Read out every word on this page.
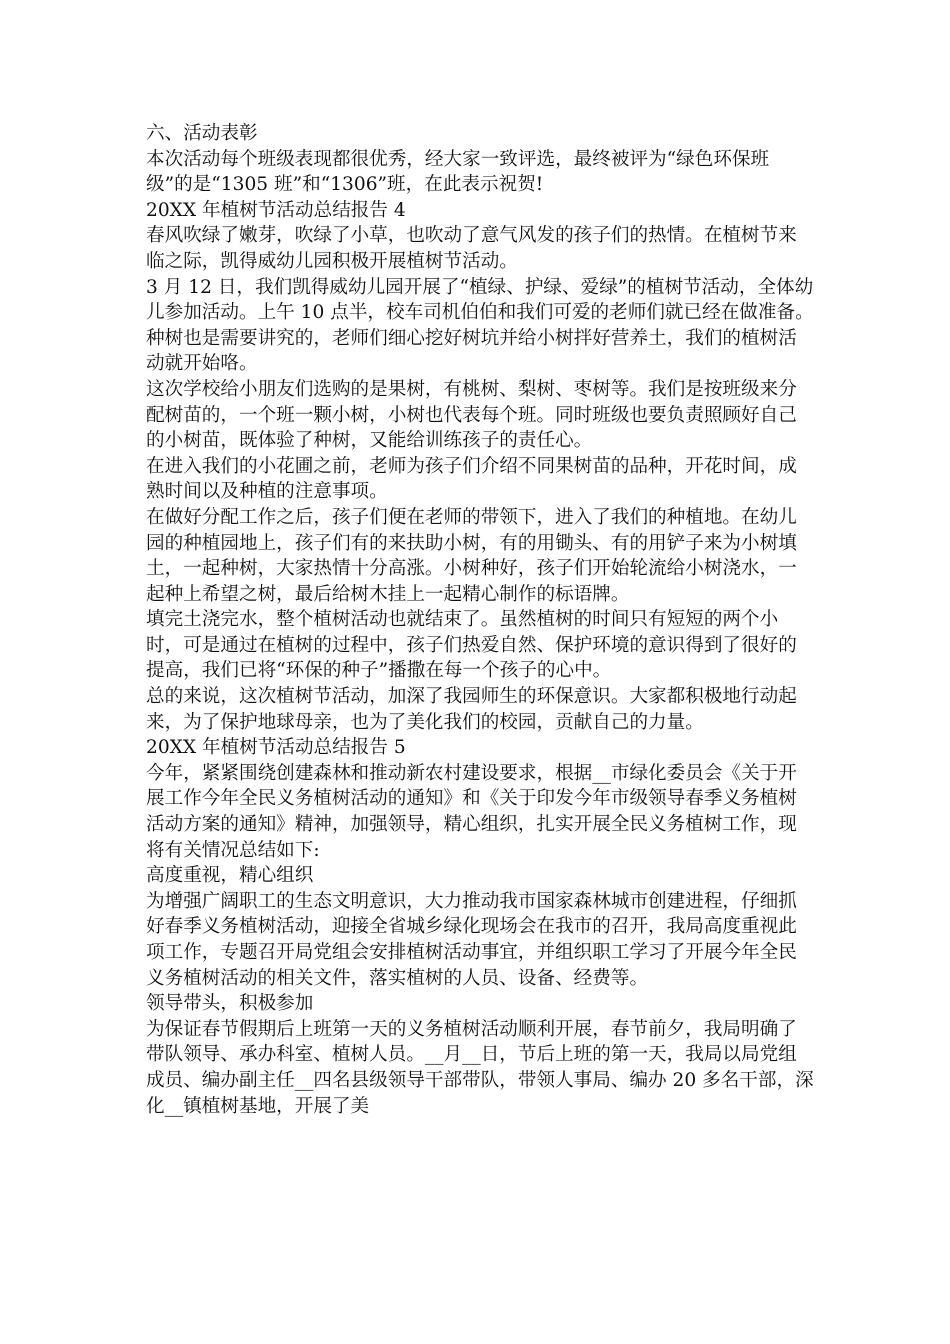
六、活动表彰

本次活动每个班级表现都很优秀，经大家一致评选，最终被评为“绿色环保班级”的是“1305 班”和“1306”班，在此表示祝贺!

20XX 年植树节活动总结报告 4

春风吹绿了嫩芽，吹绿了小草，也吹动了意气风发的孩子们的热情。在植树节来临之际，凯得威幼儿园积极开展植树节活动。

3 月 12 日，我们凯得威幼儿园开展了“植绿、护绿、爱绿”的植树节活动，全体幼儿参加活动。上午 10 点半，校车司机伯伯和我们可爱的老师们就已经在做准备。种树也是需要讲究的，老师们细心挖好树坑并给小树拌好营养土，我们的植树活动就开始咯。

这次学校给小朋友们选购的是果树，有桃树、梨树、枣树等。我们是按班级来分配树苗的，一个班一颗小树，小树也代表每个班。同时班级也要负责照顾好自己的小树苗，既体验了种树，又能给训练孩子的责任心。

在进入我们的小花圃之前，老师为孩子们介绍不同果树苗的品种，开花时间，成熟时间以及种植的注意事项。

在做好分配工作之后，孩子们便在老师的带领下，进入了我们的种植地。在幼儿园的种植园地上，孩子们有的来扶助小树，有的用锄头、有的用铲子来为小树填土，一起种树，大家热情十分高涨。小树种好，孩子们开始轮流给小树浇水，一起种上希望之树，最后给树木挂上一起精心制作的标语牌。

填完土浇完水，整个植树活动也就结束了。虽然植树的时间只有短短的两个小时，可是通过在植树的过程中，孩子们热爱自然、保护环境的意识得到了很好的提高，我们已将“环保的种子”播撒在每一个孩子的心中。

总的来说，这次植树节活动，加深了我园师生的环保意识。大家都积极地行动起来，为了保护地球母亲，也为了美化我们的校园，贡献自己的力量。

20XX 年植树节活动总结报告 5

今年，紧紧围绕创建森林和推动新农村建设要求，根据__市绿化委员会《关于开展工作今年全民义务植树活动的通知》和《关于印发今年市级领导春季义务植树活动方案的通知》精神，加强领导，精心组织，扎实开展全民义务植树工作，现将有关情况总结如下:

高度重视，精心组织

为增强广阔职工的生态文明意识，大力推动我市国家森林城市创建进程，仔细抓好春季义务植树活动，迎接全省城乡绿化现场会在我市的召开，我局高度重视此项工作，专题召开局党组会安排植树活动事宜，并组织职工学习了开展今年全民义务植树活动的相关文件，落实植树的人员、设备、经费等。

领导带头，积极参加

为保证春节假期后上班第一天的义务植树活动顺利开展，春节前夕，我局明确了带队领导、承办科室、植树人员。__月__日，节后上班的第一天，我局以局党组成员、编办副主任__四名县级领导干部带队，带领人事局、编办 20 多名干部，深化__镇植树基地，开展了美
